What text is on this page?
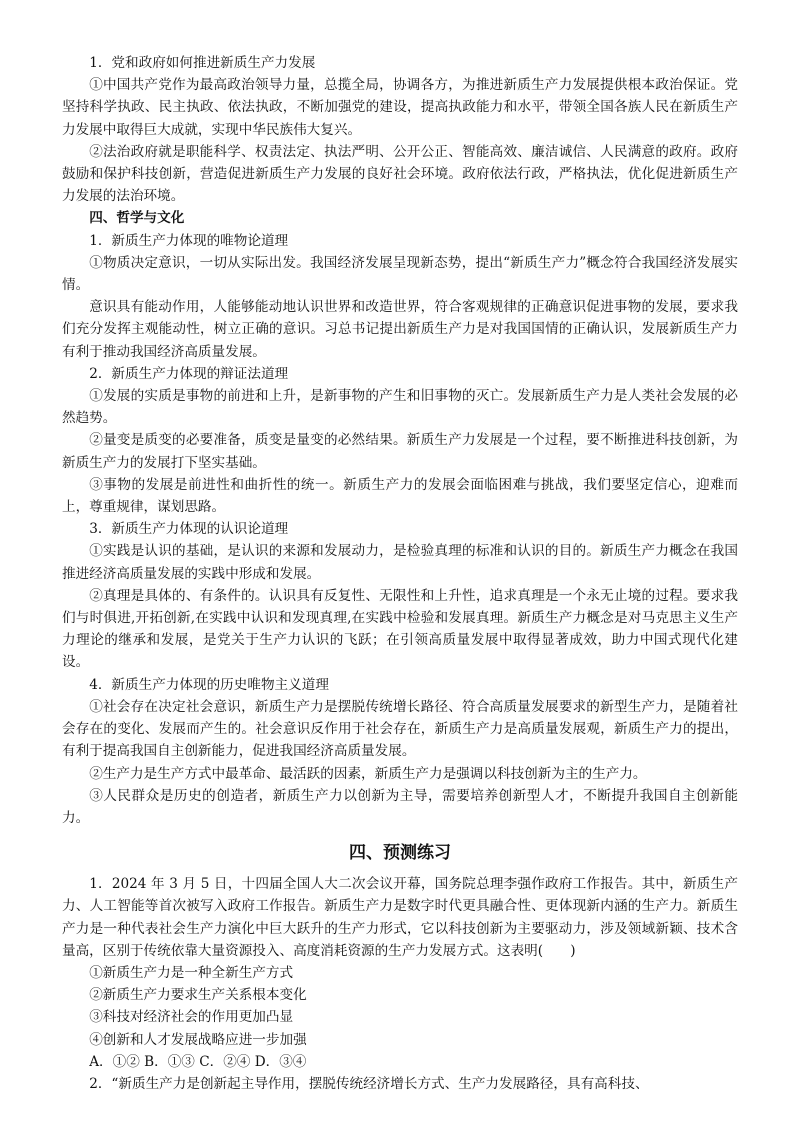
1．党和政府如何推进新质生产力发展

①中国共产党作为最高政治领导力量，总揽全局，协调各方，为推进新质生产力发展提供根本政治保证。党坚持科学执政、民主执政、依法执政，不断加强党的建设，提高执政能力和水平，带领全国各族人民在新质生产力发展中取得巨大成就，实现中华民族伟大复兴。

②法治政府就是职能科学、权责法定、执法严明、公开公正、智能高效、廉洁诚信、人民满意的政府。政府鼓励和保护科技创新，营造促进新质生产力发展的良好社会环境。政府依法行政，严格执法，优化促进新质生产力发展的法治环境。

四、哲学与文化

1．新质生产力体现的唯物论道理

①物质决定意识，一切从实际出发。我国经济发展呈现新态势，提出“新质生产力”概念符合我国经济发展实情。

意识具有能动作用，人能够能动地认识世界和改造世界，符合客观规律的正确意识促进事物的发展，要求我们充分发挥主观能动性，树立正确的意识。习总书记提出新质生产力是对我国国情的正确认识，发展新质生产力有利于推动我国经济高质量发展。

2．新质生产力体现的辩证法道理

①发展的实质是事物的前进和上升，是新事物的产生和旧事物的灭亡。发展新质生产力是人类社会发展的必然趋势。

②量变是质变的必要准备，质变是量变的必然结果。新质生产力发展是一个过程，要不断推进科技创新，为新质生产力的发展打下坚实基础。

③事物的发展是前进性和曲折性的统一。新质生产力的发展会面临困难与挑战，我们要坚定信心，迎难而上，尊重规律，谋划思路。

3．新质生产力体现的认识论道理

①实践是认识的基础，是认识的来源和发展动力，是检验真理的标准和认识的目的。新质生产力概念在我国推进经济高质量发展的实践中形成和发展。

②真理是具体的、有条件的。认识具有反复性、无限性和上升性，追求真理是一个永无止境的过程。要求我们与时俱进,开拓创新,在实践中认识和发现真理,在实践中检验和发展真理。新质生产力概念是对马克思主义生产力理论的继承和发展，是党关于生产力认识的飞跃；在引领高质量发展中取得显著成效，助力中国式现代化建设。

4．新质生产力体现的历史唯物主义道理

①社会存在决定社会意识，新质生产力是摆脱传统增长路径、符合高质量发展要求的新型生产力，是随着社会存在的变化、发展而产生的。社会意识反作用于社会存在，新质生产力是高质量发展观，新质生产力的提出，有利于提高我国自主创新能力，促进我国经济高质量发展。

②生产力是生产方式中最革命、最活跃的因素，新质生产力是强调以科技创新为主的生产力。

③人民群众是历史的创造者，新质生产力以创新为主导，需要培养创新型人才，不断提升我国自主创新能力。

四、预测练习

1．2024 年 3 月 5 日，十四届全国人大二次会议开幕，国务院总理李强作政府工作报告。其中，新质生产力、人工智能等首次被写入政府工作报告。新质生产力是数字时代更具融合性、更体现新内涵的生产力。新质生产力是一种代表社会生产力演化中巨大跃升的生产力形式，它以科技创新为主要驱动力，涉及领域新颖、技术含量高，区别于传统依靠大量资源投入、高度消耗资源的生产力发展方式。这表明(　　)

①新质生产力是一种全新生产方式

②新质生产力要求生产关系根本变化

③科技对经济社会的作用更加凸显

④创新和人才发展战略应进一步加强

A．①② B．①③ C．②④ D．③④

2．“新质生产力是创新起主导作用，摆脱传统经济增长方式、生产力发展路径，具有高科技、
